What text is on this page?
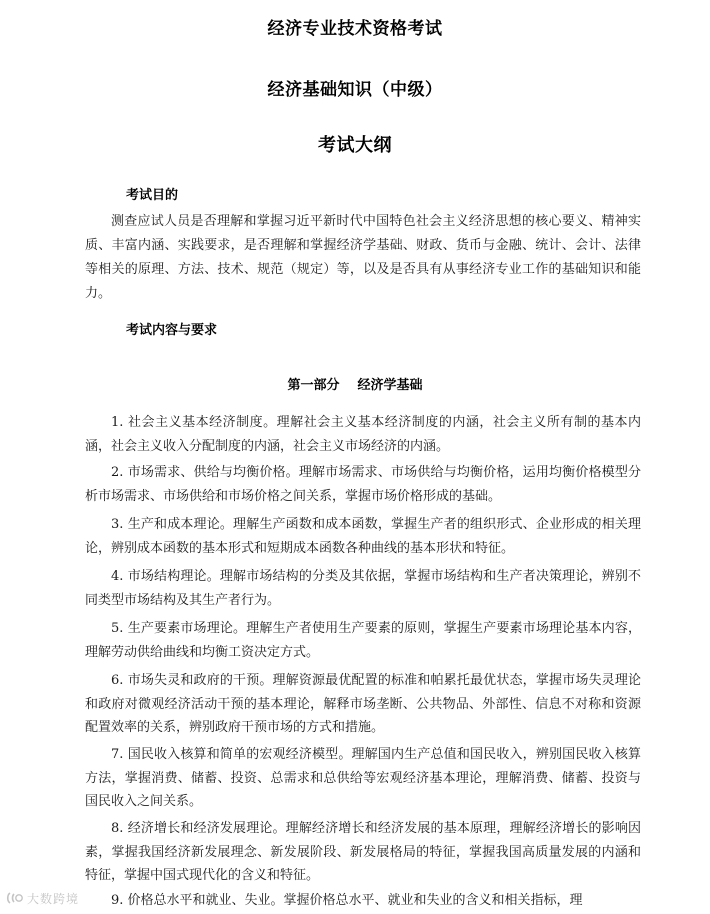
经济专业技术资格考试
经济基础知识（中级）
考试大纲
考试目的
测查应试人员是否理解和掌握习近平新时代中国特色社会主义经济思想的核心要义、精神实质、丰富内涵、实践要求，是否理解和掌握经济学基础、财政、货币与金融、统计、会计、法律等相关的原理、方法、技术、规范（规定）等，以及是否具有从事经济专业工作的基础知识和能力。
考试内容与要求
第一部分    经济学基础
1. 社会主义基本经济制度。理解社会主义基本经济制度的内涵，社会主义所有制的基本内涵，社会主义收入分配制度的内涵，社会主义市场经济的内涵。
2. 市场需求、供给与均衡价格。理解市场需求、市场供给与均衡价格，运用均衡价格模型分析市场需求、市场供给和市场价格之间关系，掌握市场价格形成的基础。
3. 生产和成本理论。理解生产函数和成本函数，掌握生产者的组织形式、企业形成的相关理论，辨别成本函数的基本形式和短期成本函数各种曲线的基本形状和特征。
4. 市场结构理论。理解市场结构的分类及其依据，掌握市场结构和生产者决策理论，辨别不同类型市场结构及其生产者行为。
5. 生产要素市场理论。理解生产者使用生产要素的原则，掌握生产要素市场理论基本内容，理解劳动供给曲线和均衡工资决定方式。
6. 市场失灵和政府的干预。理解资源最优配置的标准和帕累托最优状态，掌握市场失灵理论和政府对微观经济活动干预的基本理论，解释市场垄断、公共物品、外部性、信息不对称和资源配置效率的关系，辨别政府干预市场的方式和措施。
7. 国民收入核算和简单的宏观经济模型。理解国内生产总值和国民收入，辨别国民收入核算方法，掌握消费、储蓄、投资、总需求和总供给等宏观经济基本理论，理解消费、储蓄、投资与国民收入之间关系。
8. 经济增长和经济发展理论。理解经济增长和经济发展的基本原理，理解经济增长的影响因素，掌握我国经济新发展理念、新发展阶段、新发展格局的特征，掌握我国高质量发展的内涵和特征，掌握中国式现代化的含义和特征。
9. 价格总水平和就业、失业。掌握价格总水平、就业和失业的含义和相关指标，理
大数跨境
